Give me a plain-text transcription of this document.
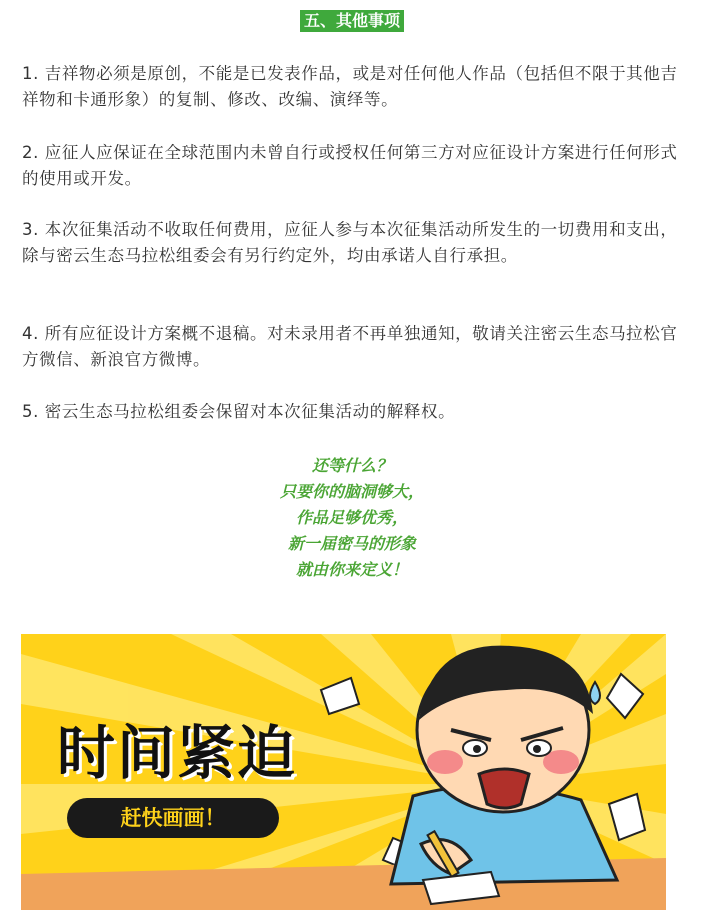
五、其他事项

1. 吉祥物必须是原创，不能是已发表作品，或是对任何他人作品（包括但不限于其他吉祥物和卡通形象）的复制、修改、改编、演绎等。

2. 应征人应保证在全球范围内未曾自行或授权任何第三方对应征设计方案进行任何形式的使用或开发。

3. 本次征集活动不收取任何费用，应征人参与本次征集活动所发生的一切费用和支出，除与密云生态马拉松组委会有另行约定外，均由承诺人自行承担。

4. 所有应征设计方案概不退稿。对未录用者不再单独通知，敬请关注密云生态马拉松官方微信、新浪官方微博。

5. 密云生态马拉松组委会保留对本次征集活动的解释权。

还等什么？
只要你的脑洞够大，
作品足够优秀，
新一届密马的形象
就由你来定义！
时间紧迫
赶快画画！
